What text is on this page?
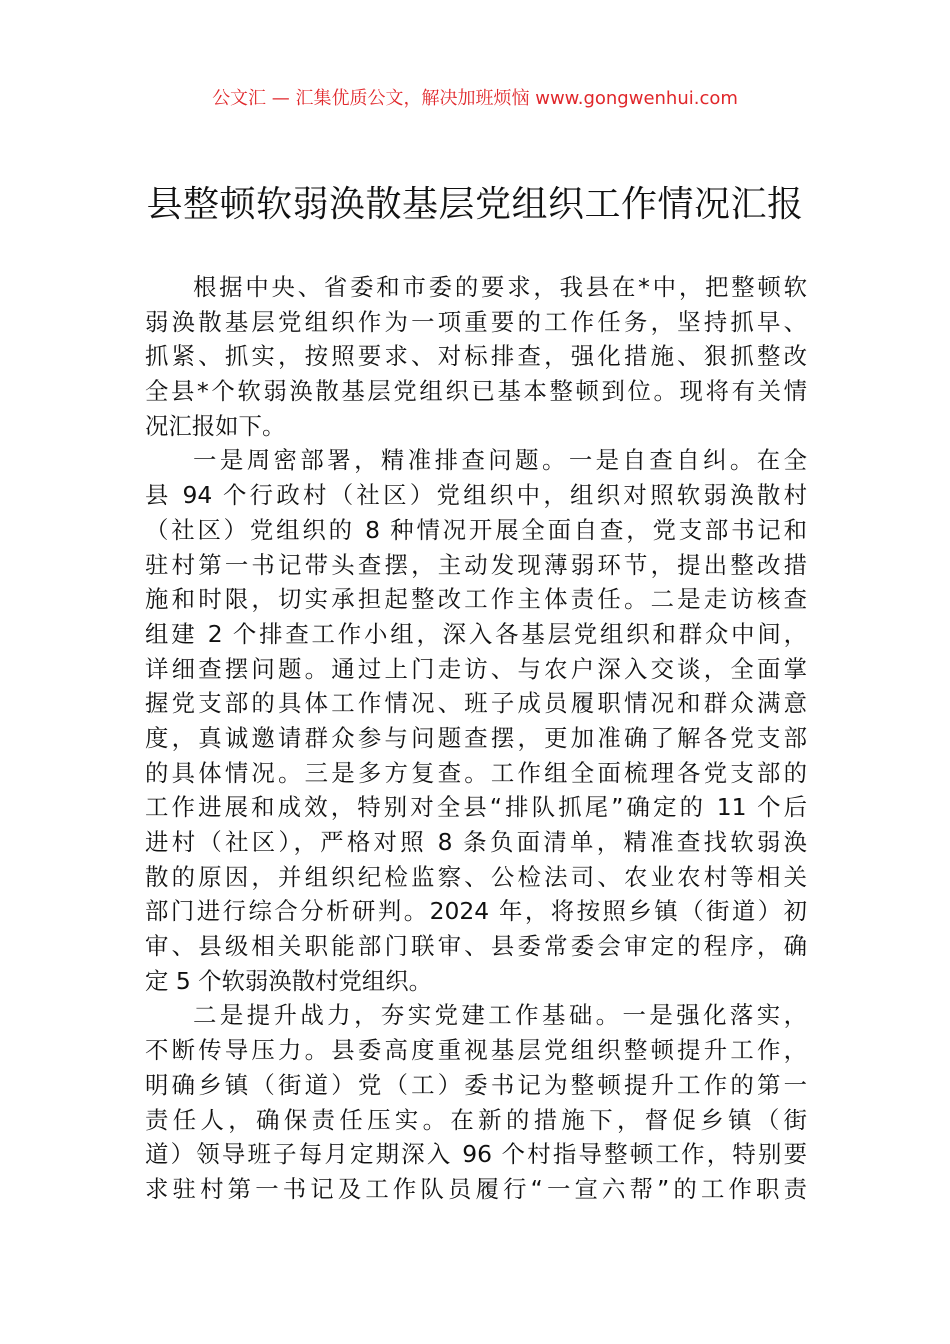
公文汇 — 汇集优质公文，解决加班烦恼 www.gongwenhui.com
县整顿软弱涣散基层党组织工作情况汇报
根据中央、省委和市委的要求，我县在*中，把整顿软
弱涣散基层党组织作为一项重要的工作任务，坚持抓早、
抓紧、抓实，按照要求、对标排查，强化措施、狠抓整改
全县*个软弱涣散基层党组织已基本整顿到位。现将有关情
况汇报如下。
一是周密部署，精准排查问题。一是自查自纠。在全
县 94 个行政村（社区）党组织中，组织对照软弱涣散村
（社区）党组织的 8 种情况开展全面自查，党支部书记和
驻村第一书记带头查摆，主动发现薄弱环节，提出整改措
施和时限，切实承担起整改工作主体责任。二是走访核查
组建 2 个排查工作小组，深入各基层党组织和群众中间，
详细查摆问题。通过上门走访、与农户深入交谈，全面掌
握党支部的具体工作情况、班子成员履职情况和群众满意
度，真诚邀请群众参与问题查摆，更加准确了解各党支部
的具体情况。三是多方复查。工作组全面梳理各党支部的
工作进展和成效，特别对全县“排队抓尾”确定的 11 个后
进村（社区），严格对照 8 条负面清单，精准查找软弱涣
散的原因，并组织纪检监察、公检法司、农业农村等相关
部门进行综合分析研判。2024 年，将按照乡镇（街道）初
审、县级相关职能部门联审、县委常委会审定的程序，确
定 5 个软弱涣散村党组织。
二是提升战力，夯实党建工作基础。一是强化落实，
不断传导压力。县委高度重视基层党组织整顿提升工作，
明确乡镇（街道）党（工）委书记为整顿提升工作的第一
责任人，确保责任压实。在新的措施下，督促乡镇（街
道）领导班子每月定期深入 96 个村指导整顿工作，特别要
求驻村第一书记及工作队员履行“一宣六帮”的工作职责
